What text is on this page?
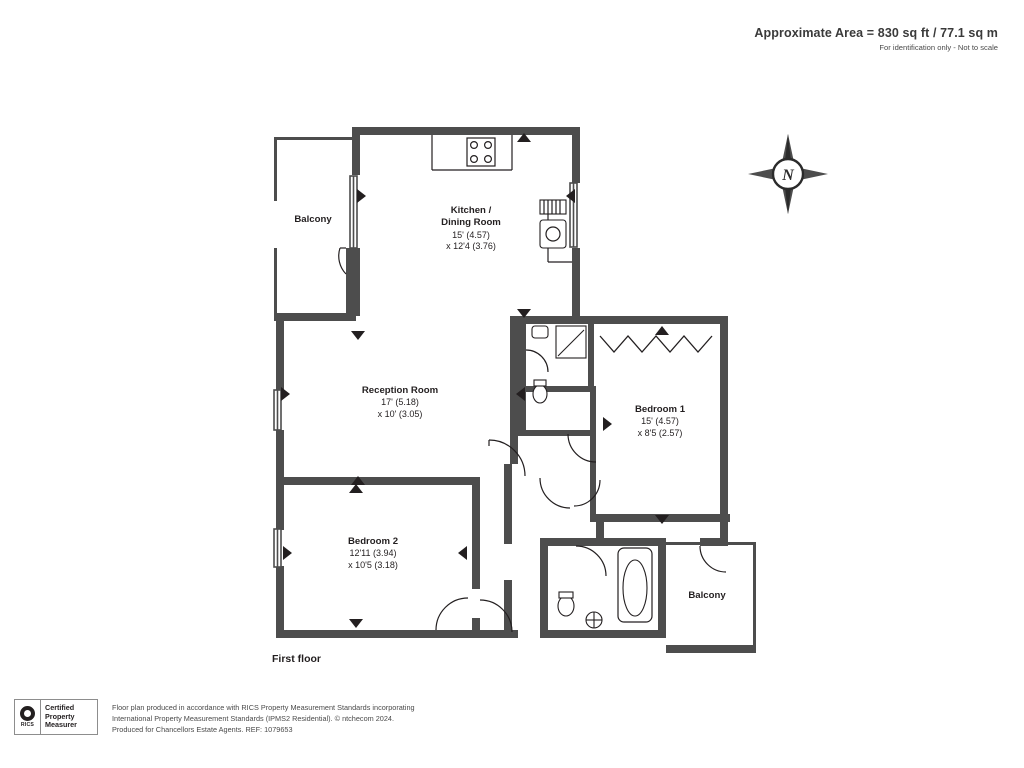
Approximate Area = 830 sq ft / 77.1 sq m
For identification only - Not to scale
N
Balcony
Kitchen /
Dining Room
15' (4.57)
x 12'4 (3.76)
Reception Room
17' (5.18)
x 10' (3.05)	Bedroom 1
15' (4.57)
x 8'5 (2.57)
Bedroom 2
12'11 (3.94)
x 10'5 (3.18)
Balcony
First floor
RICS
Certified
Property
Measurer
Floor plan produced in accordance with RICS Property Measurement Standards incorporating
International Property Measurement Standards (IPMS2 Residential). © ntchecom 2024.
Produced for Chancellors Estate Agents. REF: 1079653
